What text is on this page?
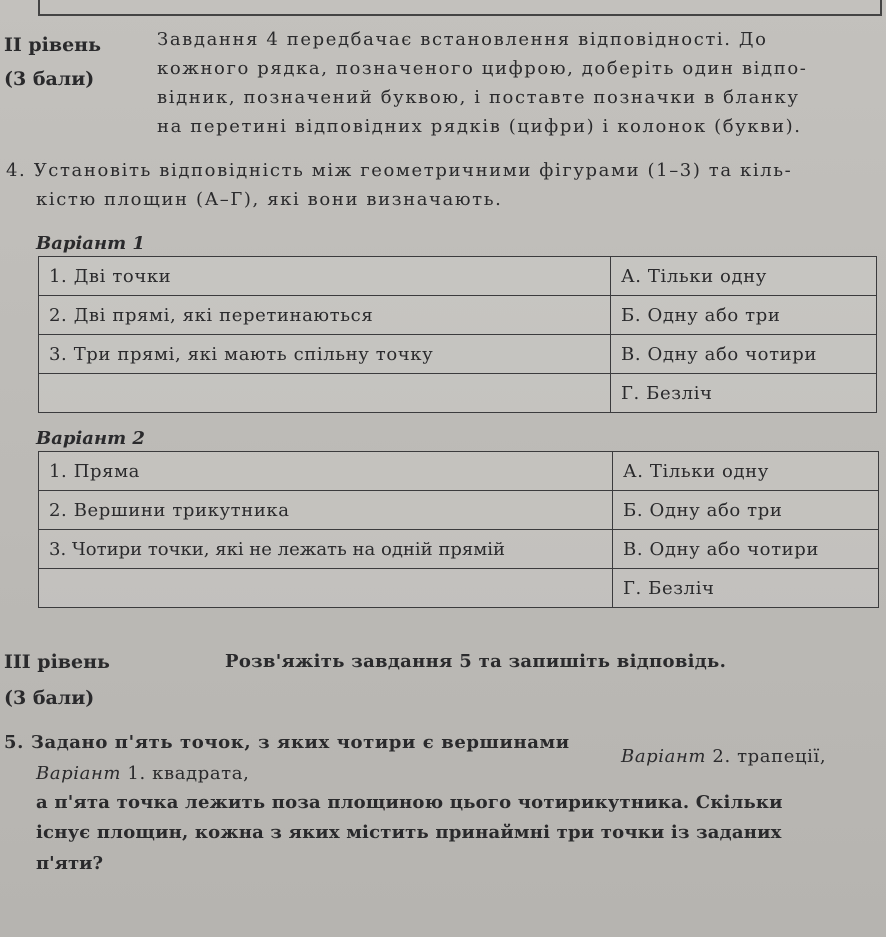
ІІ рівень
(3 бали)
Завдання 4 передбачає встановлення відповідності. До
кожного рядка, позначеного цифрою, доберіть один відпо-
відник, позначений буквою, і поставте позначки в бланку
на перетині відповідних рядків (цифри) і колонок (букви).
4. Установіть відповідність між геометричними фігурами (1–3) та кіль-
кістю площин (А–Г), які вони визначають.
Варіант 1
1. Дві точки	А. Тільки одну
2. Дві прямі, які перетинаються	Б. Одну або три
3. Три прямі, які мають спільну точку	В. Одну або чотири
	Г. Безліч
Варіант 2
1. Пряма	А. Тільки одну
2. Вершини трикутника	Б. Одну або три
3. Чотири точки, які не лежать на одній прямій	В. Одну або чотири
	Г. Безліч
ІІІ рівень	Розв'яжіть завдання 5 та запишіть відповідь.
(3 бали)
5. Задано п'ять точок, з яких чотири є вершинами
Варіант 1. квадрата,
Варіант 2. трапеції,
а п'ята точка лежить поза площиною цього чотирикутника. Скільки
існує площин, кожна з яких містить принаймні три точки із заданих
п'яти?
